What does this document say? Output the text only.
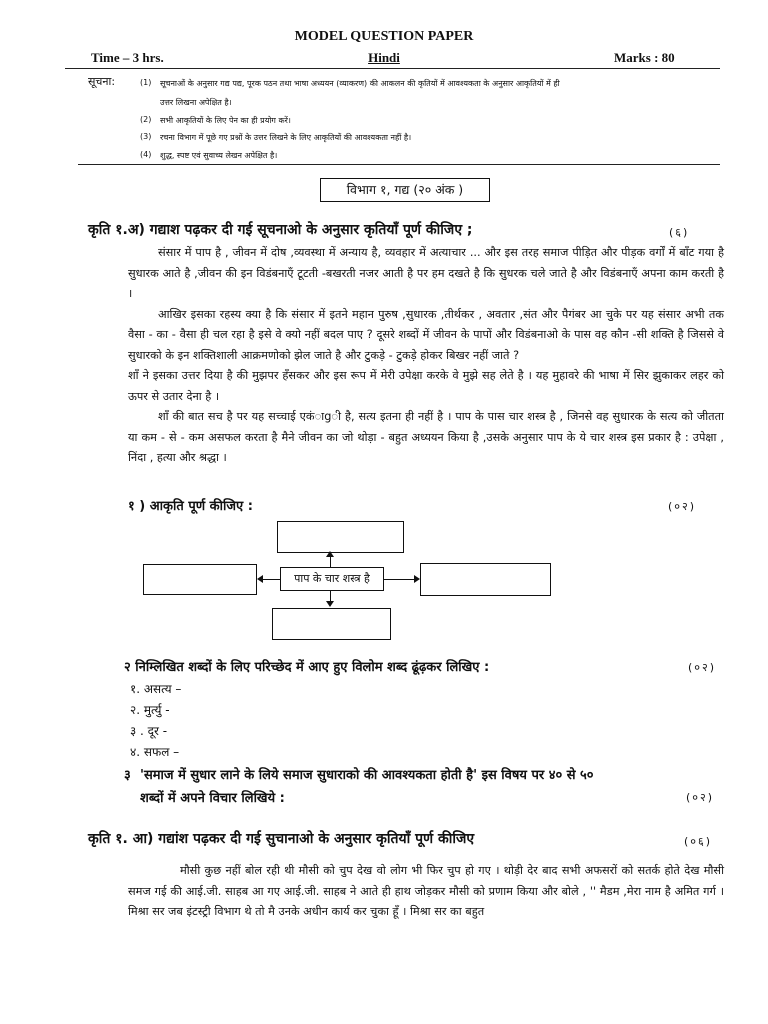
MODEL QUESTION PAPER
Time – 3 hrs.	Hindi	Marks : 80
सूचना:	(1) सूचनाओं के अनुसार गद्य पद्य, पूरक पठन तथा भाषा अध्ययन (व्याकरण) की आकलन की कृतियों में आवश्यकता के अनुसार आकृतियों में ही
उत्तर लिखना अपेक्षित है।
(2) सभी आकृतियों के लिए पेन का ही प्रयोग करें।
(3) रचना विभाग में पूछे गए प्रश्नों के उत्तर लिखने के लिए आकृतियों की आवश्यकता नहीं है।
(4) शुद्ध, स्पष्ट एवं सुवाच्य लेखन अपेक्षित है।
विभाग १, गद्य (२० अंक )
कृति १.अ) गद्याश पढ़कर दी गई सूचनाओ के अनुसार कृतियाँ पूर्ण कीजिए ;	(६)
संसार में पाप है , जीवन में दोष ,व्यवस्था में अन्याय है, व्यवहार में अत्याचार ... और इस तरह समाज पीड़ित और पीड़क वर्गों में बाँट गया है सुधारक आते है ,जीवन की इन विडंबनाएँ टूटती -बखरती नजर आती है पर हम दखते है कि सुधरक चले जाते है और विडंबनाएँ अपना काम करती है ।
आखिर इसका रहस्य क्या है कि संसार में इतने महान पुरुष ,सुधारक ,तीर्थकर , अवतार ,संत और पैगंबर आ चुके पर यह संसार अभी तक वैसा - का - वैसा ही चल रहा है इसे वे क्यो नहीं बदल पाए ? दूसरे शब्दों में जीवन के पापों और विडंबनाओ के पास वह कौन -सी शक्ति है जिससे वे सुधारको के इन शक्तिशाली आक्रमणोको झेल जाते है और टुकड़े - टुकड़े होकर बिखर नहीं जाते ?
शाँ ने इसका उत्तर दिया है की मुझपर हँसकर और इस रूप में मेरी उपेक्षा करके वे मुझे सह लेते है । यह मुहावरे की भाषा में सिर झुकाकर लहर को ऊपर से उतार देना है ।
शाँ की बात सच है पर यह सच्चाई एकंाgी है, सत्य इतना ही नहीं है । पाप के पास चार शस्त्र है , जिनसे वह सुधारक के सत्य को जीतता या कम - से - कम असफल करता है मैने जीवन का जो थोड़ा - बहुत अध्ययन किया है ,उसके अनुसार पाप के ये चार शस्त्र इस प्रकार है : उपेक्षा , निंदा , हत्या और श्रद्धा ।
१ ) आकृति पूर्ण कीजिए :	(०२)
पाप के चार शस्त्र है
२ निम्लिखित शब्दों के लिए परिच्छेद में आए हुए विलोम शब्द ढूंढ़कर लिखिए :	(०२)
१. असत्य –
२. मुर्त्यु -
३ . दूर -
४. सफल –
३ 'समाज में सुधार लाने के लिये समाज सुधाराको की आवश्यकता होती है' इस विषय पर ४० से ५०
शब्दों में अपने विचार लिखिये :	(०२)
कृति १. आ) गद्यांश पढ़कर दी गई सुचानाओ के अनुसार कृतियाँ पूर्ण कीजिए	(०६)
मौसी कुछ नहीं बोल रही थी मौसी को चुप देख वो लोग भी फिर चुप हो गए । थोड़ी देर बाद सभी अफसरों को सतर्क होते देख मौसी समज गई की आई.जी. साहब आ गए आई.जी. साहब ने आते ही हाथ जोड़कर मौसी को प्रणाम किया और बोले , '' मैडम ,मेरा नाम है अमित गर्ग । मिश्रा सर जब इंटस्ट्री विभाग थे तो मै उनके अधीन कार्य कर चुका हूँ । मिश्रा सर का बहुत
